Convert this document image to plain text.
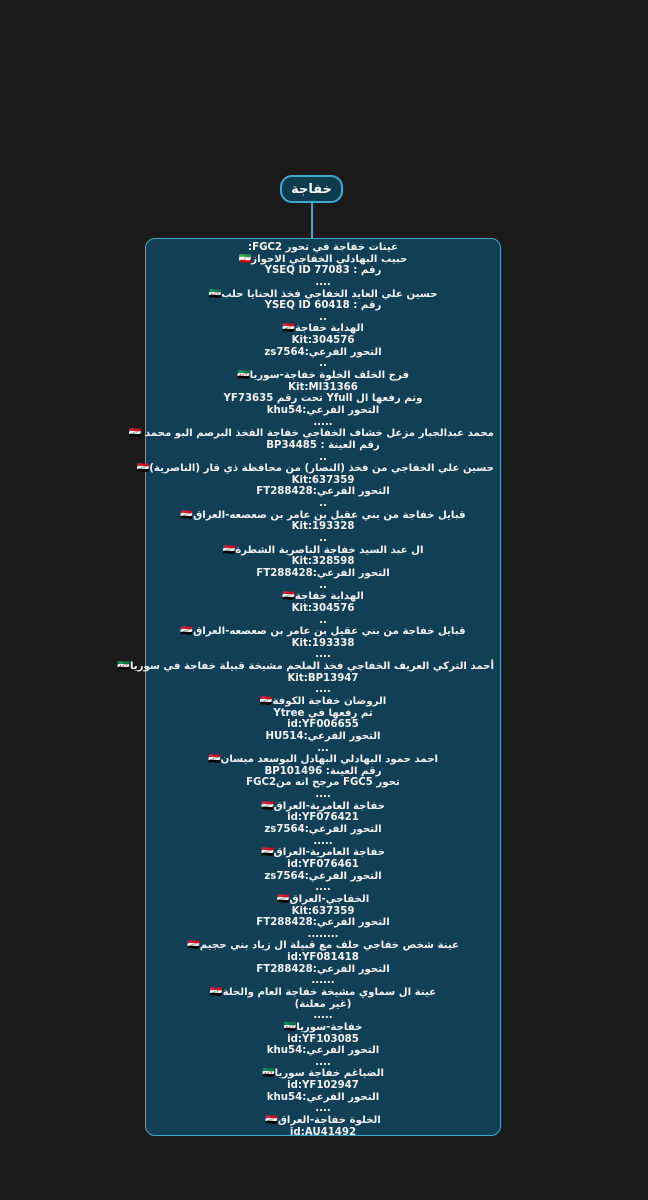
خفاجة
عينات خفاجة في تحور FGC2:
حبيب البهادلي الخفاجي الاحواز🇮🇷
رقم : YSEQ ID 77083
....
حسين علي العايد الخفاجي فخذ الحنايا حلب🇸🇾
رقم : YSEQ ID 60418
..
الهداية خفاجة🇮🇶
Kit:304576
التحور الفرعي:zs7564
..
فرج الخلف الخلوة خفاجة-سوريا🇸🇾
Kit:MI31366
وتم رفعها ال Yfull تحت رقم YF73635
التحور الفرعي:khu54
.....
محمد عبدالجبار مزعل خشاف الخفاجي خفاجة الفخذ البرصم البو محمد 🇮🇶
رقم العينة : BP34485
..
حسين علي الخفاجي من فخذ (النصار) من محافظة ذي قار (الناصرية)🇮🇶
Kit:637359
التحور الفرعي:FT288428
..
قبايل خفاجة من بني عقيل بن عامر بن صعصعه-العراق🇮🇶
Kit:193328
..
ال عبد السيد خفاجة الناصرية الشطرة🇮🇶
Kit:328598
التحور الفرعي:FT288428
..
الهداية خفاجة🇮🇶
Kit:304576
..
قبايل خفاجة من بني عقيل بن عامر بن صعصعه-العراق🇮🇶
Kit:193338
....
أحمد التركي العريف الخفاجي فخذ الملحم مشيخة قبيلة خفاجة في سوريا🇸🇾
Kit:BP13947
....
الروضان خفاجة الكوفة🇮🇶
تم رفعها في Ytree
id:YF006655
التحور الفرعي:HU514
...
احمد حمود البهادلي البهادل البوسعد ميسان🇮🇶
رقم العينة: BP101496
تحور FGC5 مرجح انه منFGC2
....
خفاجة العامرية-العراق🇮🇶
id:YF076421
التحور الفرعي:zs7564
.....
خفاجة العامرية-العراق🇮🇶
id:YF076461
التحور الفرعي:zs7564
....
الخفاجي-العراق🇮🇶
Kit:637359
التحور الفرعي:FT288428
........
عينة شخص خفاجي حلف مع قبيلة ال زياد بني حجيم🇮🇶
id:YF081418
التحور الفرعي:FT288428
......
عينة ال سماوي مشيخة خفاجة العام والحلة🇮🇶
(غير معلنة)
.....
خفاجة-سوريا🇸🇾
id:YF103085
التحور الفرعي:khu54
....
الضياغم خفاجة سوريا🇸🇾
id:YF102947
التحور الفرعي:khu54
....
الخلوة خفاجة-العراق🇮🇶
id:AU41492
